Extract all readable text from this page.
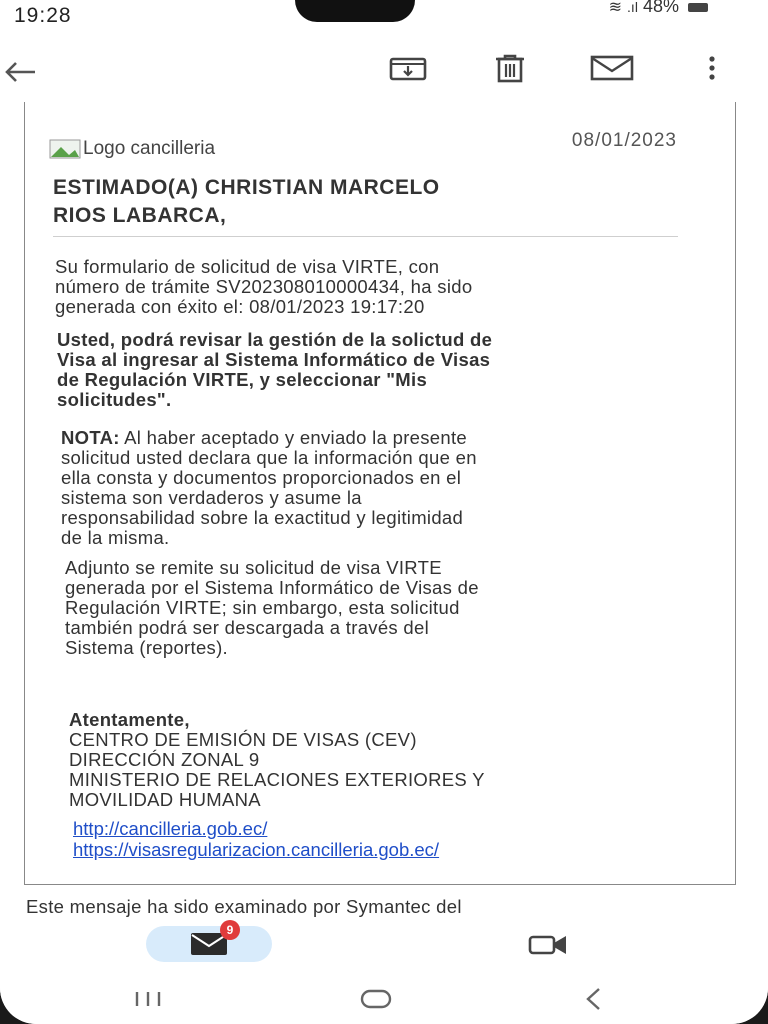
19:28	≋ .ıl 48%
Logo cancilleria	08/01/2023
ESTIMADO(A) CHRISTIAN MARCELO
RIOS LABARCA,
Su formulario de solicitud de visa VIRTE, con
número de trámite SV202308010000434, ha sido
generada con éxito el: 08/01/2023 19:17:20
Usted, podrá revisar la gestión de la solictud de
Visa al ingresar al Sistema Informático de Visas
de Regulación VIRTE, y seleccionar "Mis
solicitudes".
NOTA: Al haber aceptado y enviado la presente
solicitud usted declara que la información que en
ella consta y documentos proporcionados en el
sistema son verdaderos y asume la
responsabilidad sobre la exactitud y legitimidad
de la misma.
Adjunto se remite su solicitud de visa VIRTE
generada por el Sistema Informático de Visas de
Regulación VIRTE; sin embargo, esta solicitud
también podrá ser descargada a través del
Sistema (reportes).
Atentamente,
CENTRO DE EMISIÓN DE VISAS (CEV)
DIRECCIÓN ZONAL 9
MINISTERIO DE RELACIONES EXTERIORES Y
MOVILIDAD HUMANA
http://cancilleria.gob.ec/
https://visasregularizacion.cancilleria.gob.ec/
Este mensaje ha sido examinado por Symantec del
9
